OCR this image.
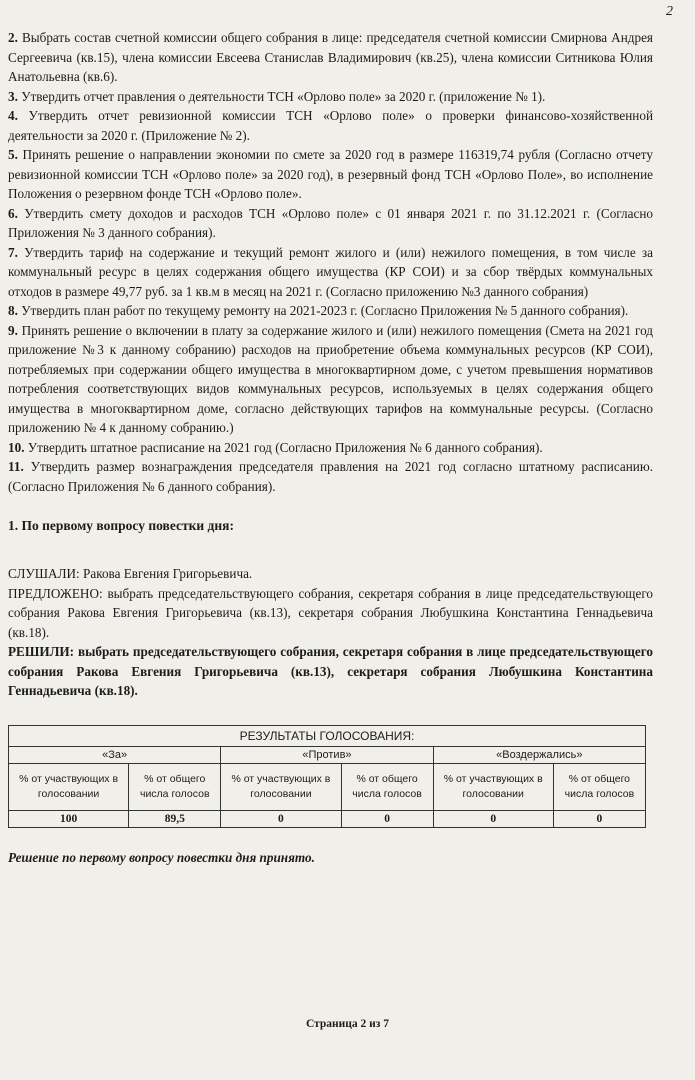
2

2. Выбрать состав счетной комиссии общего собрания в лице: председателя счетной комиссии Смирнова Андрея Сергеевича (кв.15), члена комиссии Евсеева Станислав Владимирович (кв.25), члена комиссии Ситникова Юлия Анатольевна (кв.6).

3. Утвердить отчет правления о деятельности ТСН «Орлово поле» за 2020 г. (приложение № 1).

4. Утвердить отчет ревизионной комиссии ТСН «Орлово поле» о проверки финансово-хозяйственной деятельности за 2020 г. (Приложение № 2).

5. Принять решение о направлении экономии по смете за 2020 год в размере 116319,74 рубля (Согласно отчету ревизионной комиссии ТСН «Орлово поле» за 2020 год), в резервный фонд ТСН «Орлово Поле», во исполнение Положения о резервном фонде ТСН «Орлово поле».

6. Утвердить смету доходов и расходов ТСН «Орлово поле» с 01 января 2021 г. по 31.12.2021 г. (Согласно Приложения № 3 данного собрания).

7. Утвердить тариф на содержание и текущий ремонт жилого и (или) нежилого помещения, в том числе за коммунальный ресурс в целях содержания общего имущества (КР СОИ) и за сбор твёрдых коммунальных отходов в размере 49,77 руб. за 1 кв.м в месяц на 2021 г. (Согласно приложению №3 данного собрания)

8. Утвердить план работ по текущему ремонту на 2021-2023 г. (Согласно Приложения № 5 данного собрания).

9. Принять решение о включении в плату за содержание жилого и (или) нежилого помещения (Смета на 2021 год приложение №3 к данному собранию) расходов на приобретение объема коммунальных ресурсов (КР СОИ), потребляемых при содержании общего имущества в многоквартирном доме, с учетом превышения нормативов потребления соответствующих видов коммунальных ресурсов, используемых в целях содержания общего имущества в многоквартирном доме, согласно действующих тарифов на коммунальные ресурсы. (Согласно приложению № 4 к данному собранию.)

10. Утвердить штатное расписание на 2021 год (Согласно Приложения № 6 данного собрания).

11. Утвердить размер вознаграждения председателя правления на 2021 год согласно штатному расписанию. (Согласно Приложения № 6 данного собрания).

1. По первому вопросу повестки дня:

СЛУШАЛИ: Ракова Евгения Григорьевича.

ПРЕДЛОЖЕНО: выбрать председательствующего собрания, секретаря собрания в лице председательствующего собрания Ракова Евгения Григорьевича (кв.13), секретаря собрания Любушкина Константина Геннадьевича (кв.18).

РЕШИЛИ: выбрать председательствующего собрания, секретаря собрания в лице председательствующего собрания Ракова Евгения Григорьевича (кв.13), секретаря собрания Любушкина Константина Геннадьевича (кв.18).

РЕЗУЛЬТАТЫ ГОЛОСОВАНИЯ:					
«За»		«Против»		«Воздержались»	
% от участвующих в голосовании	% от общего числа голосов	% от участвующих в голосовании	% от общего числа голосов	% от участвующих в голосовании	% от общего числа голосов
100	89,5	0	0	0	0
Решение по первому вопросу повестки дня принято.
Страница 2 из 7
